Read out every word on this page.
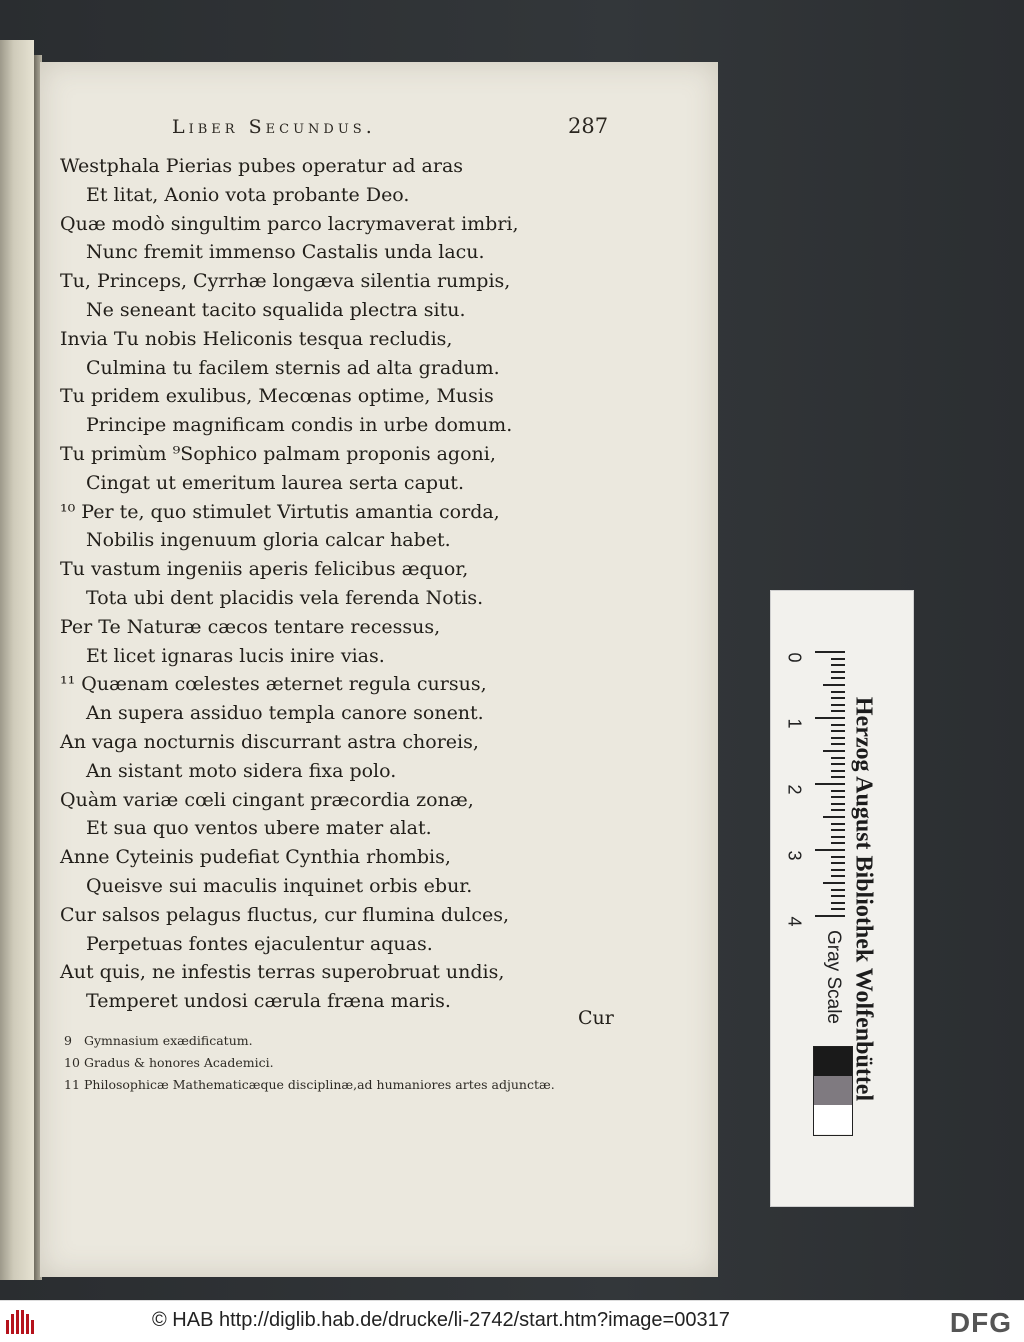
Liber Secundus.	287
Westphala Pierias pubes operatur ad aras
Et litat, Aonio vota probante Deo.
Quæ modò singultim parco lacrymaverat imbri,
Nunc fremit immenso Castalis unda lacu.
Tu, Princeps, Cyrrhæ longæva silentia rumpis,
Ne seneant tacito squalida plectra situ.
Invia Tu nobis Heliconis tesqua recludis,
Culmina tu facilem sternis ad alta gradum.
Tu pridem exulibus, Mecœnas optime, Musis
Principe magnificam condis in urbe domum.
Tu primùm ⁹Sophico palmam proponis agoni,
Cingat ut emeritum laurea serta caput.
¹⁰ Per te, quo stimulet Virtutis amantia corda,
Nobilis ingenuum gloria calcar habet.
Tu vastum ingeniis aperis felicibus æquor,
Tota ubi dent placidis vela ferenda Notis.
Per Te Naturæ cæcos tentare recessus,
Et licet ignaras lucis inire vias.
¹¹ Quænam cœlestes æternet regula cursus,
An supera assiduo templa canore sonent.
An vaga nocturnis discurrant astra choreis,
An sistant moto sidera fixa polo.
Quàm variæ cœli cingant præcordia zonæ,
Et sua quo ventos ubere mater alat.
Anne Cyteinis pudefiat Cynthia rhombis,
Queisve sui maculis inquinet orbis ebur.
Cur salsos pelagus fluctus, cur flumina dulces,
Perpetuas fontes ejaculentur aquas.
Aut quis, ne infestis terras superobruat undis,
Temperet undosi cærula fræna maris.
Cur
9 Gymnasium exædificatum.
10 Gradus & honores Academici.
11 Philosophicæ Mathematicæque disciplinæ,ad humaniores artes adjunctæ.
0
1
2
3
4
Gray Scale Herzog August Bibliothek Wolfenbüttel
© HAB http://diglib.hab.de/drucke/li-2742/start.htm?image=00317	DFG
